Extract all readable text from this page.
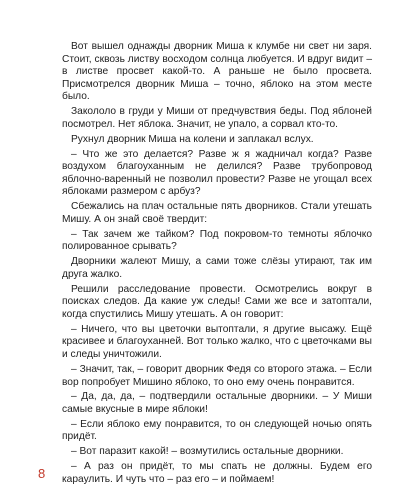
Вот вышел однажды дворник Миша к клумбе ни свет ни заря. Стоит, сквозь листву восходом солнца любуется. И вдруг видит – в листве просвет какой-то. А раньше не было просвета. Присмотрелся дворник Миша – точно, яблоко на этом месте было.

Закололо в груди у Миши от предчувствия беды. Под яблоней посмотрел. Нет яблока. Значит, не упало, а сорвал кто-то.

Рухнул дворник Миша на колени и заплакал вслух.

– Что же это делается? Разве ж я жадничал когда? Разве воздухом благоуханным не делился? Разве трубопровод яблочно-варенный не позволил провести? Разве не угощал всех яблоками размером с арбуз?

Сбежались на плач остальные пять дворников. Стали утешать Мишу. А он знай своё твердит:

– Так зачем же тайком? Под покровом-то темноты яблочко полированное срывать?

Дворники жалеют Мишу, а сами тоже слёзы утирают, так им друга жалко.

Решили расследование провести. Осмотрелись вокруг в поисках следов. Да какие уж следы! Сами же все и затоптали, когда спустились Мишу утешать. А он говорит:

– Ничего, что вы цветочки вытоптали, я другие высажу. Ещё красивее и благоуханней. Вот только жалко, что с цветочками вы и следы уничтожили.

– Значит, так, – говорит дворник Федя со второго этажа. – Если вор попробует Мишино яблоко, то оно ему очень понравится.

– Да, да, да, – подтвердили остальные дворники. – У Миши самые вкусные в мире яблоки!

– Если яблоко ему понравится, то он следующей ночью опять придёт.

– Вот паразит какой! – возмутились остальные дворники.

– А раз он придёт, то мы спать не должны. Будем его караулить. И чуть что – раз его – и поймаем!

8
